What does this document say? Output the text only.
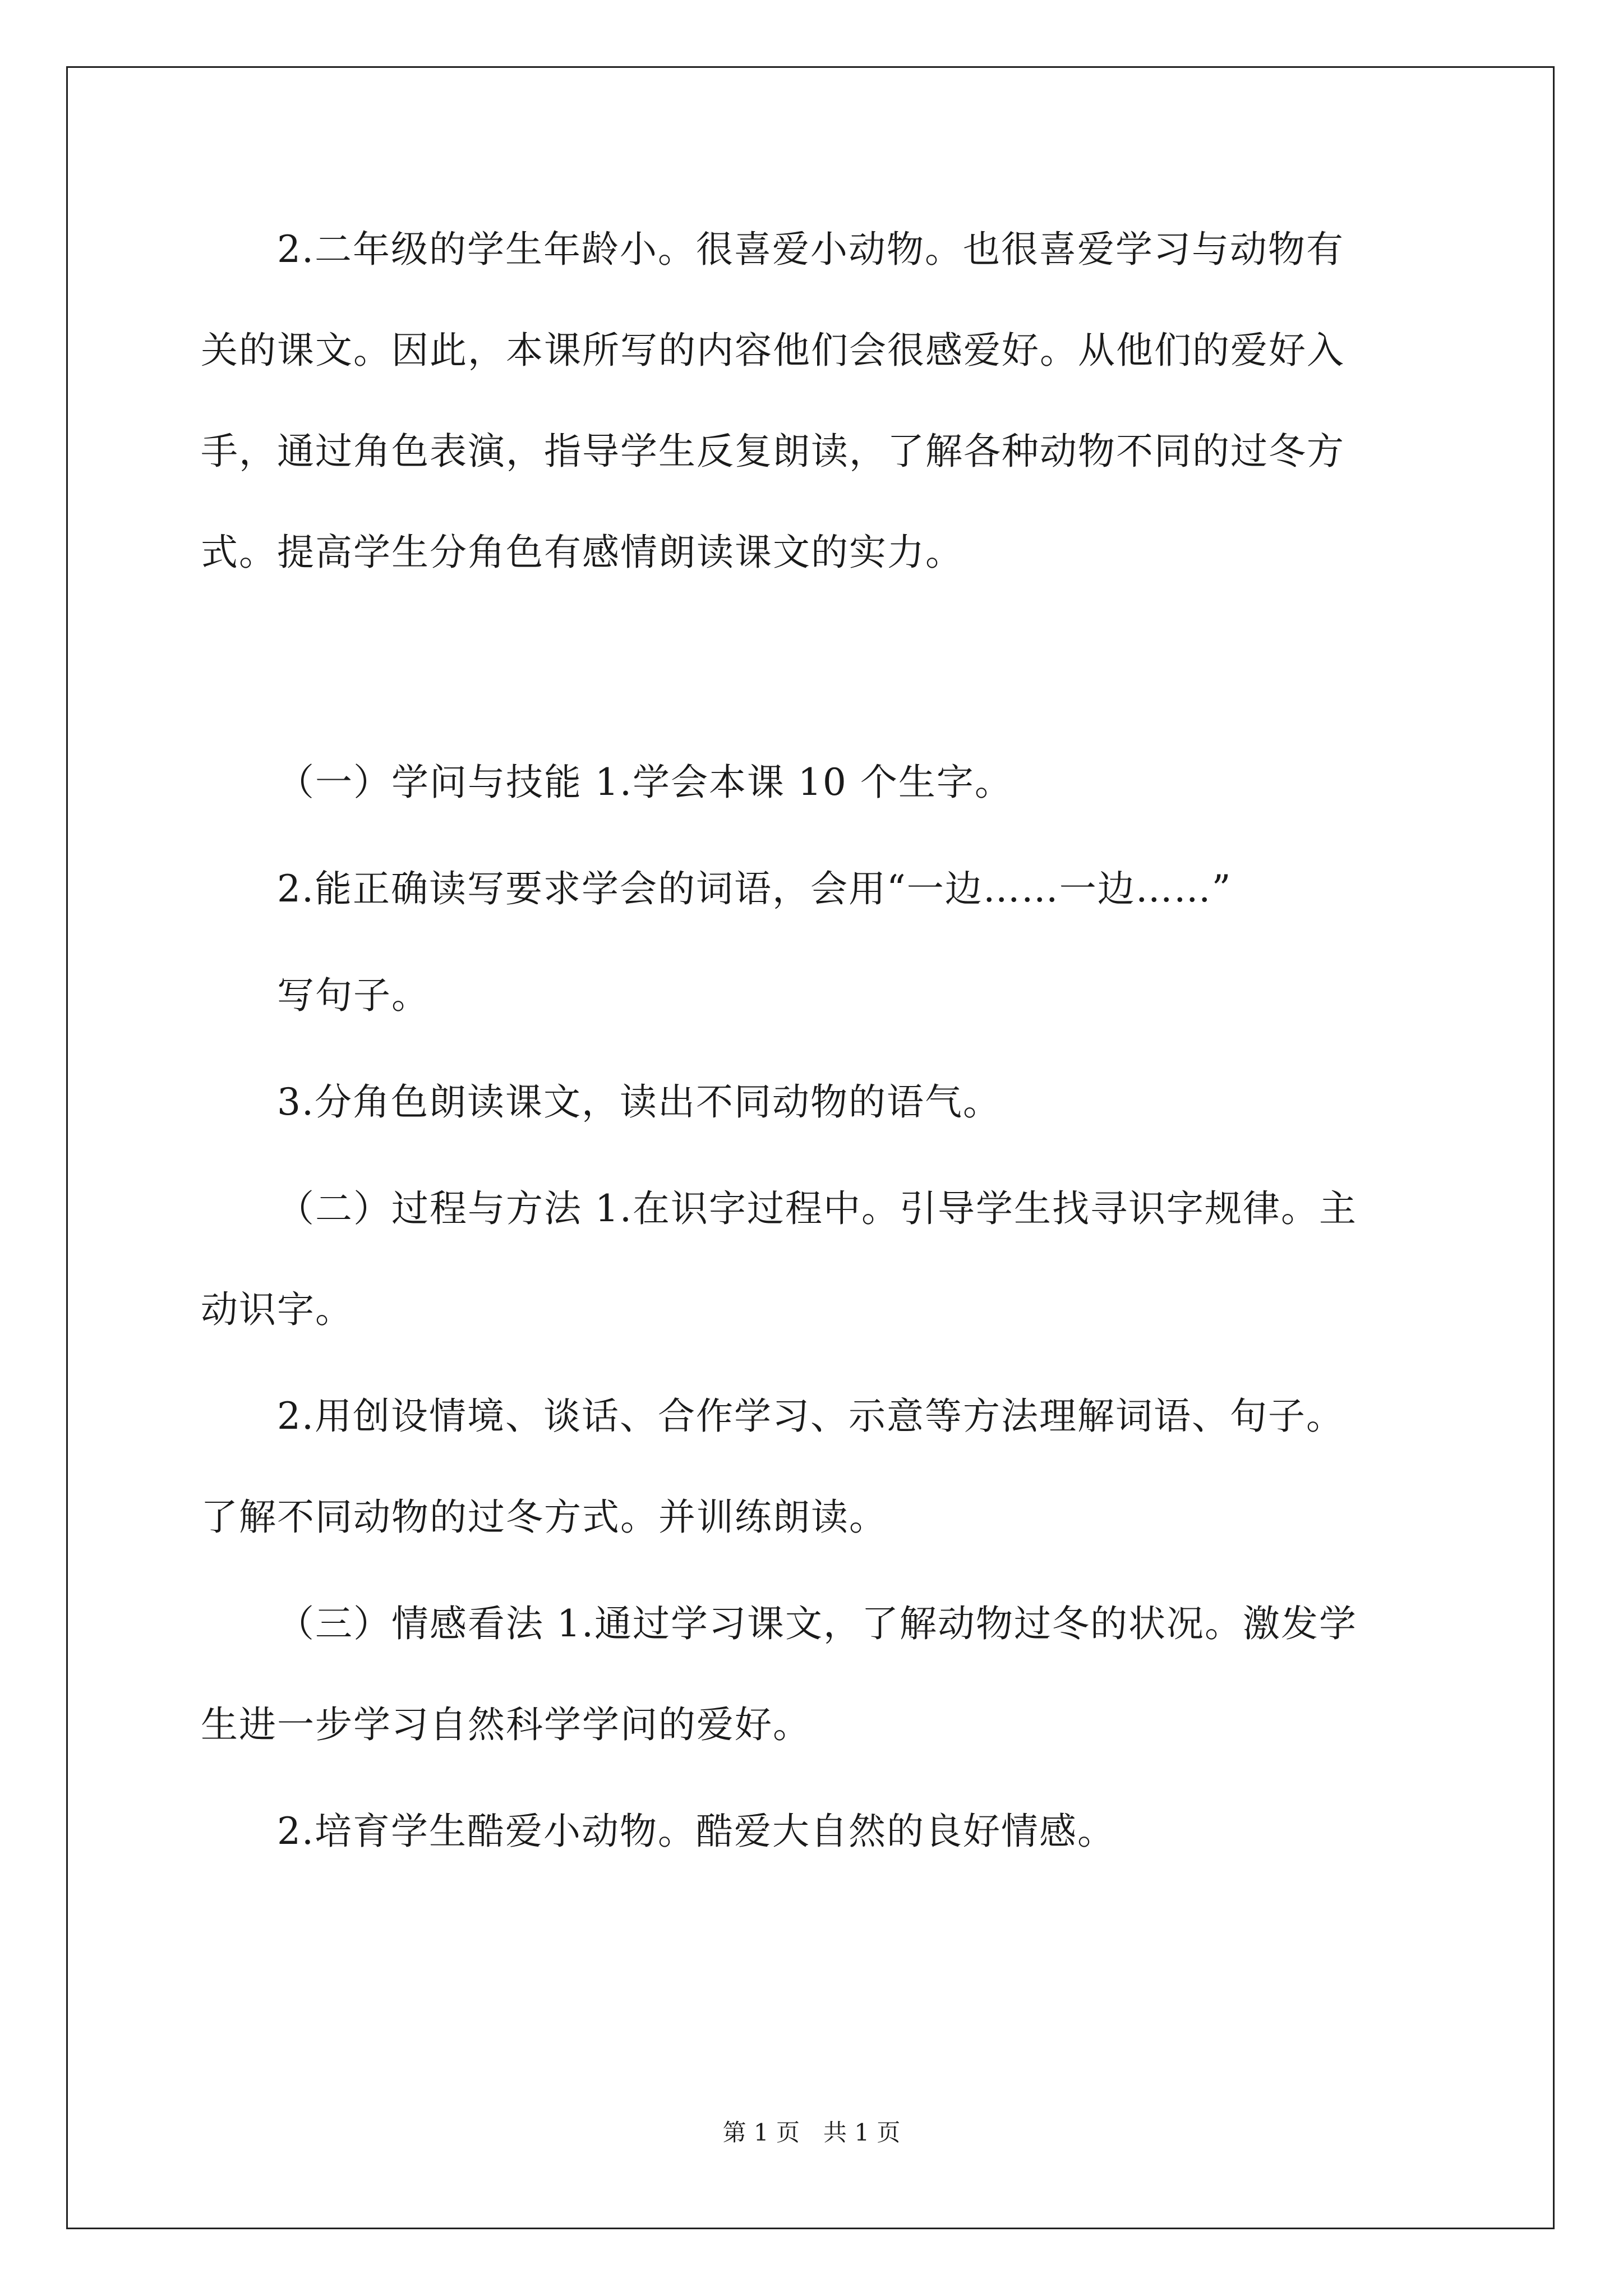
2.二年级的学生年龄小。很喜爱小动物。也很喜爱学习与动物有
关的课文。因此，本课所写的内容他们会很感爱好。从他们的爱好入
手，通过角色表演，指导学生反复朗读，了解各种动物不同的过冬方
式。提高学生分角色有感情朗读课文的实力。
（一）学问与技能 1.学会本课 10 个生字。
2.能正确读写要求学会的词语，会用“一边……一边……”
写句子。
3.分角色朗读课文，读出不同动物的语气。
（二）过程与方法 1.在识字过程中。引导学生找寻识字规律。主
动识字。
2.用创设情境、谈话、合作学习、示意等方法理解词语、句子。
了解不同动物的过冬方式。并训练朗读。
（三）情感看法 1.通过学习课文，了解动物过冬的状况。激发学
生进一步学习自然科学学问的爱好。
2.培育学生酷爱小动物。酷爱大自然的良好情感。
第 1 页　共 1 页
